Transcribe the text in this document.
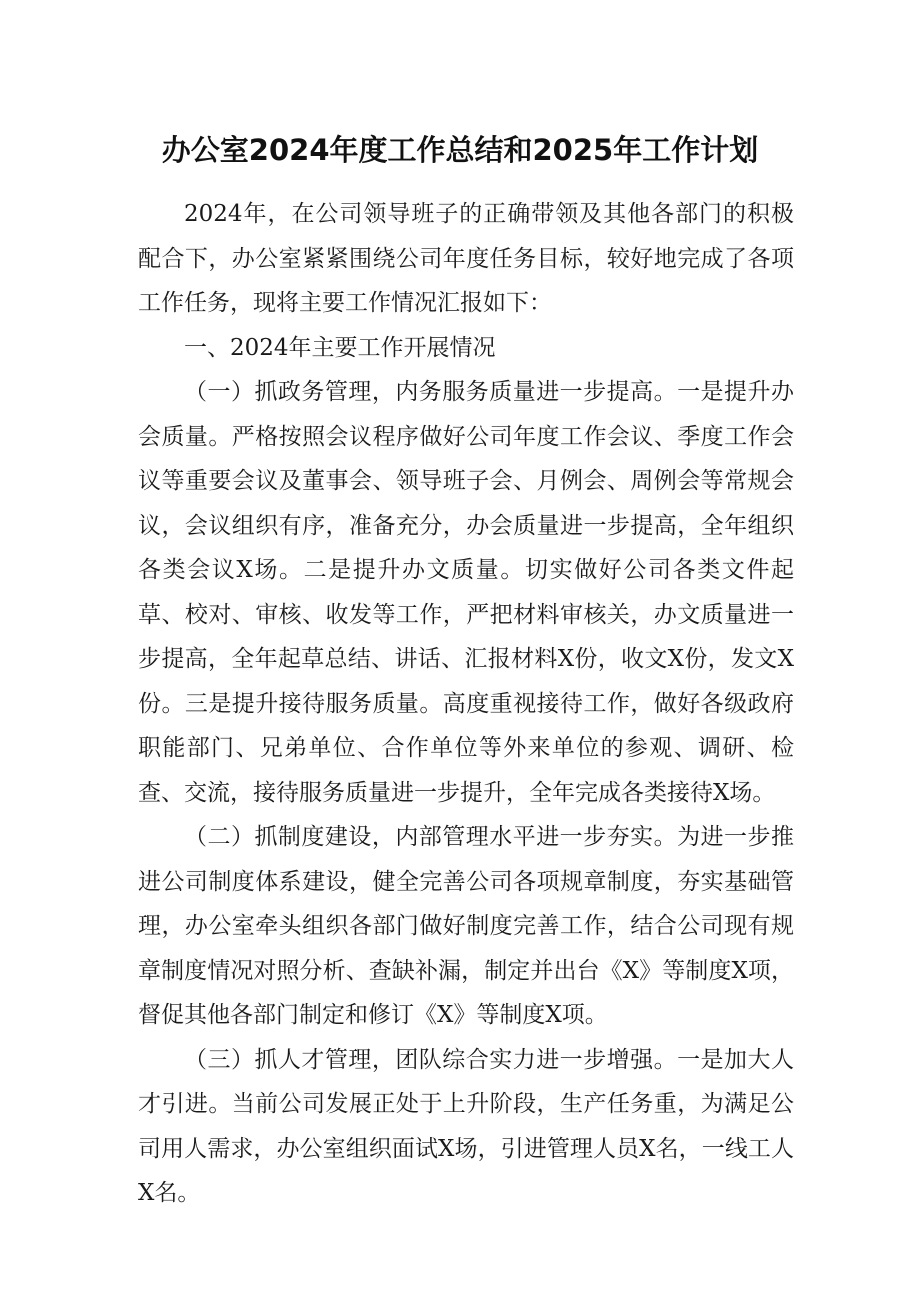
办公室2024年度工作总结和2025年工作计划

2024年，在公司领导班子的正确带领及其他各部门的积极配合下，办公室紧紧围绕公司年度任务目标，较好地完成了各项工作任务，现将主要工作情况汇报如下：

一、2024年主要工作开展情况

（一）抓政务管理，内务服务质量进一步提高。一是提升办会质量。严格按照会议程序做好公司年度工作会议、季度工作会议等重要会议及董事会、领导班子会、月例会、周例会等常规会议，会议组织有序，准备充分，办会质量进一步提高，全年组织各类会议X场。二是提升办文质量。切实做好公司各类文件起草、校对、审核、收发等工作，严把材料审核关，办文质量进一步提高，全年起草总结、讲话、汇报材料X份，收文X份，发文X份。三是提升接待服务质量。高度重视接待工作，做好各级政府职能部门、兄弟单位、合作单位等外来单位的参观、调研、检查、交流，接待服务质量进一步提升，全年完成各类接待X场。

（二）抓制度建设，内部管理水平进一步夯实。为进一步推进公司制度体系建设，健全完善公司各项规章制度，夯实基础管理，办公室牵头组织各部门做好制度完善工作，结合公司现有规章制度情况对照分析、查缺补漏，制定并出台《X》等制度X项，督促其他各部门制定和修订《X》等制度X项。

（三）抓人才管理，团队综合实力进一步增强。一是加大人才引进。当前公司发展正处于上升阶段，生产任务重，为满足公司用人需求，办公室组织面试X场，引进管理人员X名，一线工人X名。
